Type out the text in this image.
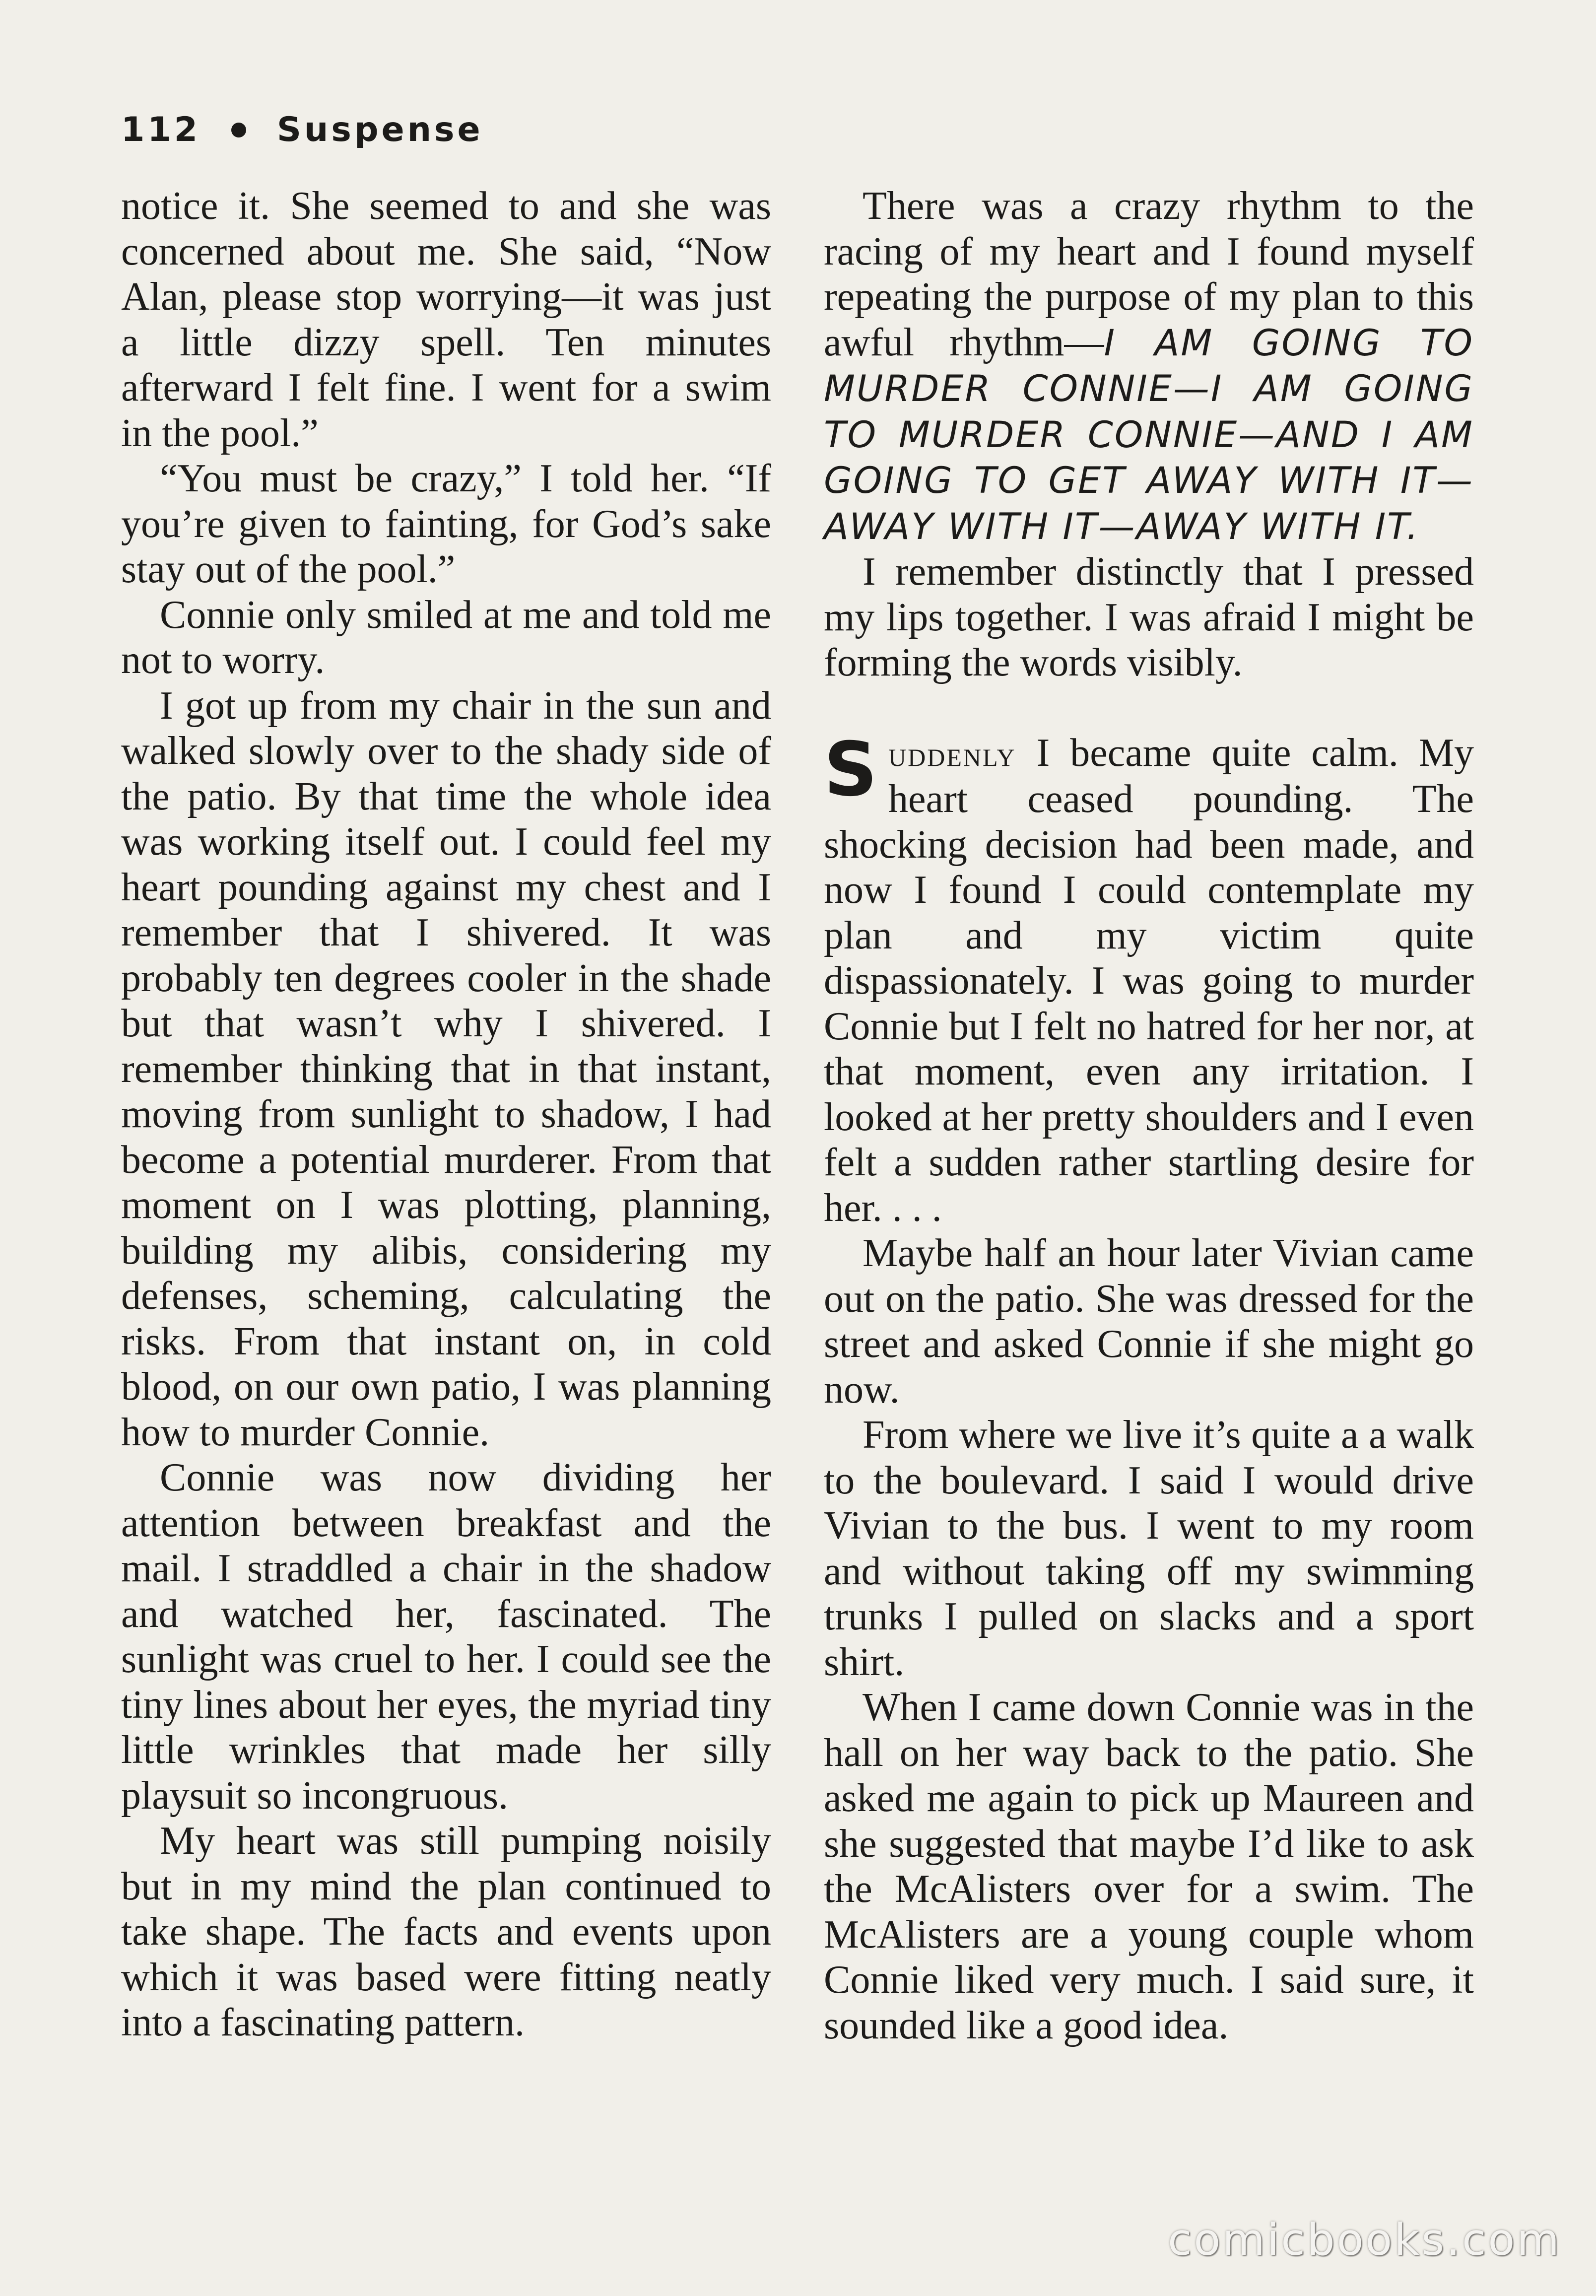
112 Suspense

notice it. She seemed to and she was concerned about me. She said, “Now Alan, please stop worrying—it was just a little dizzy spell. Ten minutes afterward I felt fine. I went for a swim in the pool.”

“You must be crazy,” I told her. “If you’re given to fainting, for God’s sake stay out of the pool.”

Connie only smiled at me and told me not to worry.

I got up from my chair in the sun and walked slowly over to the shady side of the patio. By that time the whole idea was working itself out. I could feel my heart pounding against my chest and I remember that I shivered. It was probably ten degrees cooler in the shade but that wasn’t why I shivered. I remember thinking that in that instant, moving from sunlight to shadow, I had become a potential murderer. From that moment on I was plotting, planning, building my alibis, considering my defenses, scheming, calculating the risks. From that instant on, in cold blood, on our own patio, I was planning how to murder Connie.

Connie was now dividing her attention between breakfast and the mail. I straddled a chair in the shadow and watched her, fascinated. The sunlight was cruel to her. I could see the tiny lines about her eyes, the myriad tiny little wrinkles that made her silly playsuit so incongruous.

My heart was still pumping noisily but in my mind the plan continued to take shape. The facts and events upon which it was based were fitting neatly into a fascinating pattern.

There was a crazy rhythm to the racing of my heart and I found myself repeating the purpose of my plan to this awful rhythm—I AM GOING TO MURDER CONNIE—I AM GOING TO MURDER CONNIE—AND I AM GOING TO GET AWAY WITH IT—AWAY WITH IT—AWAY WITH IT.

I remember distinctly that I pressed my lips together. I was afraid I might be forming the words visibly.

Suddenly I became quite calm. My heart ceased pounding. The shocking decision had been made, and now I found I could contemplate my plan and my victim quite dispassionately. I was going to murder Connie but I felt no hatred for her nor, at that moment, even any irritation. I looked at her pretty shoulders and I even felt a sudden rather startling desire for her. . . .

Maybe half an hour later Vivian came out on the patio. She was dressed for the street and asked Connie if she might go now.

From where we live it’s quite a a walk to the boulevard. I said I would drive Vivian to the bus. I went to my room and without taking off my swimming trunks I pulled on slacks and a sport shirt.

When I came down Connie was in the hall on her way back to the patio. She asked me again to pick up Maureen and she suggested that maybe I’d like to ask the McAlisters over for a swim. The McAlisters are a young couple whom Connie liked very much. I said sure, it sounded like a good idea.

comicbooks.com
